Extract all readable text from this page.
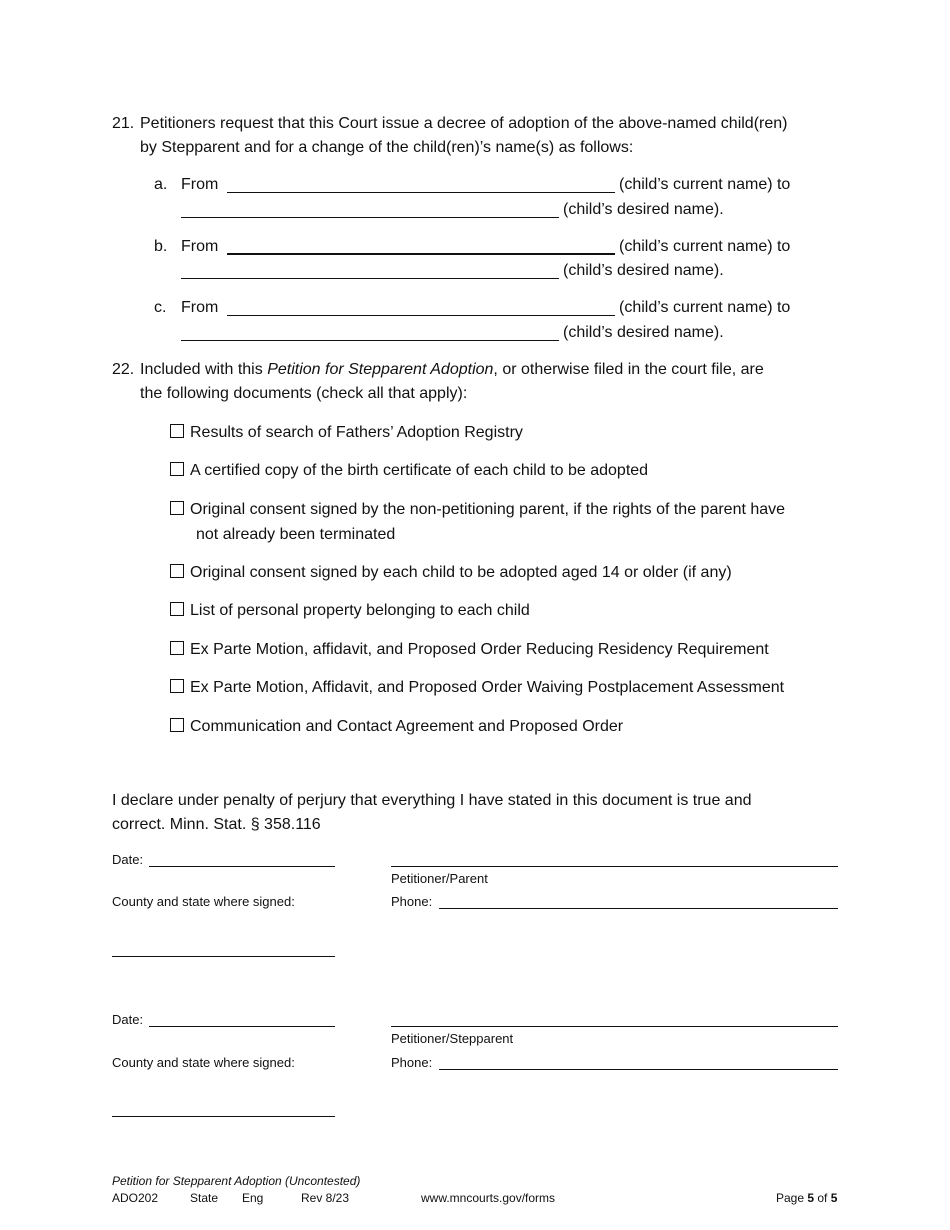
21. Petitioners request that this Court issue a decree of adoption of the above-named child(ren)
by Stepparent and for a change of the child(ren)’s name(s) as follows:
a. From	(child’s current name) to
(child’s desired name).
b. From	(child’s current name) to
(child’s desired name).
c. From	(child’s current name) to
(child’s desired name).
22. Included with this Petition for Stepparent Adoption, or otherwise filed in the court file, are
the following documents (check all that apply):
Results of search of Fathers’ Adoption Registry
A certified copy of the birth certificate of each child to be adopted
Original consent signed by the non-petitioning parent, if the rights of the parent have
not already been terminated
Original consent signed by each child to be adopted aged 14 or older (if any)
List of personal property belonging to each child
Ex Parte Motion, affidavit, and Proposed Order Reducing Residency Requirement
Ex Parte Motion, Affidavit, and Proposed Order Waiving Postplacement Assessment
Communication and Contact Agreement and Proposed Order
I declare under penalty of perjury that everything I have stated in this document is true and
correct. Minn. Stat. § 358.116
Date:
Petitioner/Parent
County and state where signed:	Phone:
Date:
Petitioner/Stepparent
County and state where signed:	Phone:
Petition for Stepparent Adoption (Uncontested)
ADO202	State Eng	Rev 8/23	www.mncourts.gov/forms	Page 5 of 5
